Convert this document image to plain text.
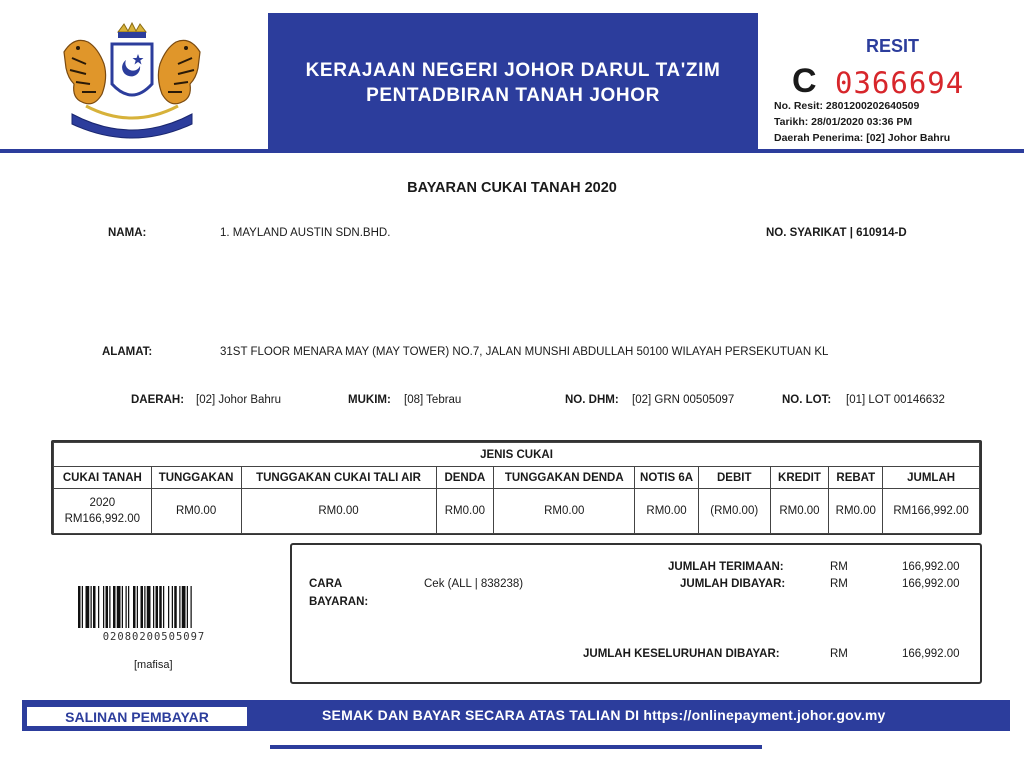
KERAJAAN NEGERI JOHOR DARUL TA'ZIM
PENTADBIRAN TANAH JOHOR
RESIT
C 0366694
No. Resit: 2801200202640509
Tarikh: 28/01/2020 03:36 PM
Daerah Penerima: [02] Johor Bahru
BAYARAN CUKAI TANAH 2020
NAMA:	1. MAYLAND AUSTIN SDN.BHD.	NO. SYARIKAT | 610914-D
ALAMAT:	31ST FLOOR MENARA MAY (MAY TOWER) NO.7, JALAN MUNSHI ABDULLAH 50100 WILAYAH PERSEKUTUAN KL
DAERAH: [02] Johor Bahru	MUKIM: [08] Tebrau	NO. DHM: [02] GRN 00505097	NO. LOT: [01] LOT 00146632
JENIS CUKAI									
CUKAI TANAH	TUNGGAKAN	TUNGGAKAN CUKAI TALI AIR	DENDA	TUNGGAKAN DENDA	NOTIS 6A	DEBIT	KREDIT	REBAT	JUMLAH

2020
RM166,992.00	RM0.00	RM0.00	RM0.00	RM0.00	RM0.00	(RM0.00)	RM0.00	RM0.00	RM166,992.00
02080200505097
[mafisa]
CARA
BAYARAN:
Cek (ALL | 838238)
JUMLAH TERIMAAN:	RM	166,992.00
JUMLAH DIBAYAR:	RM	166,992.00
JUMLAH KESELURUHAN DIBAYAR:	RM	166,992.00
SALINAN PEMBAYAR	SEMAK DAN BAYAR SECARA ATAS TALIAN DI https://onlinepayment.johor.gov.my
